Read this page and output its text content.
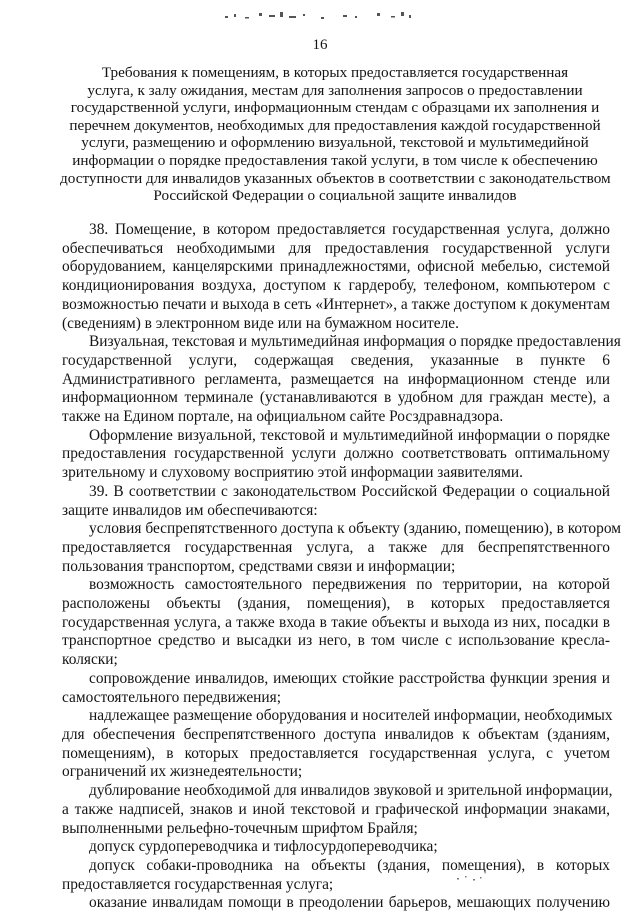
16
Требования к помещениям, в которых предоставляется государственная
услуга, к залу ожидания, местам для заполнения запросов о предоставлении
государственной услуги, информационным стендам с образцами их заполнения и
перечнем документов, необходимых для предоставления каждой государственной
услуги, размещению и оформлению визуальной, текстовой и мультимедийной
информации о порядке предоставления такой услуги, в том числе к обеспечению
доступности для инвалидов указанных объектов в соответствии с законодательством
Российской Федерации о социальной защите инвалидов

38. Помещение, в котором предоставляется государственная услуга, должно
обеспечиваться необходимыми для предоставления государственной услуги
оборудованием, канцелярскими принадлежностями, офисной мебелью, системой
кондиционирования воздуха, доступом к гардеробу, телефоном, компьютером с
возможностью печати и выхода в сеть «Интернет», а также доступом к документам
(сведениям) в электронном виде или на бумажном носителе.

Визуальная, текстовая и мультимедийная информация о порядке предоставления
государственной услуги, содержащая сведения, указанные в пункте 6
Административного регламента, размещается на информационном стенде или
информационном терминале (устанавливаются в удобном для граждан месте), а
также на Едином портале, на официальном сайте Росздравнадзора.

Оформление визуальной, текстовой и мультимедийной информации о порядке
предоставления государственной услуги должно соответствовать оптимальному
зрительному и слуховому восприятию этой информации заявителями.

39. В соответствии с законодательством Российской Федерации о социальной
защите инвалидов им обеспечиваются:

условия беспрепятственного доступа к объекту (зданию, помещению), в котором
предоставляется государственная услуга, а также для беспрепятственного
пользования транспортом, средствами связи и информации;

возможность самостоятельного передвижения по территории, на которой
расположены объекты (здания, помещения), в которых предоставляется
государственная услуга, а также входа в такие объекты и выхода из них, посадки в
транспортное средство и высадки из него, в том числе с использование кресла-
коляски;

сопровождение инвалидов, имеющих стойкие расстройства функции зрения и
самостоятельного передвижения;

надлежащее размещение оборудования и носителей информации, необходимых
для обеспечения беспрепятственного доступа инвалидов к объектам (зданиям,
помещениям), в которых предоставляется государственная услуга, с учетом
ограничений их жизнедеятельности;

дублирование необходимой для инвалидов звуковой и зрительной информации,
а также надписей, знаков и иной текстовой и графической информации знаками,
выполненными рельефно-точечным шрифтом Брайля;

допуск сурдопереводчика и тифлосурдопереводчика;

допуск собаки-проводника на объекты (здания, помещения), в которых
предоставляется государственная услуга;

оказание инвалидам помощи в преодолении барьеров, мешающих получению
